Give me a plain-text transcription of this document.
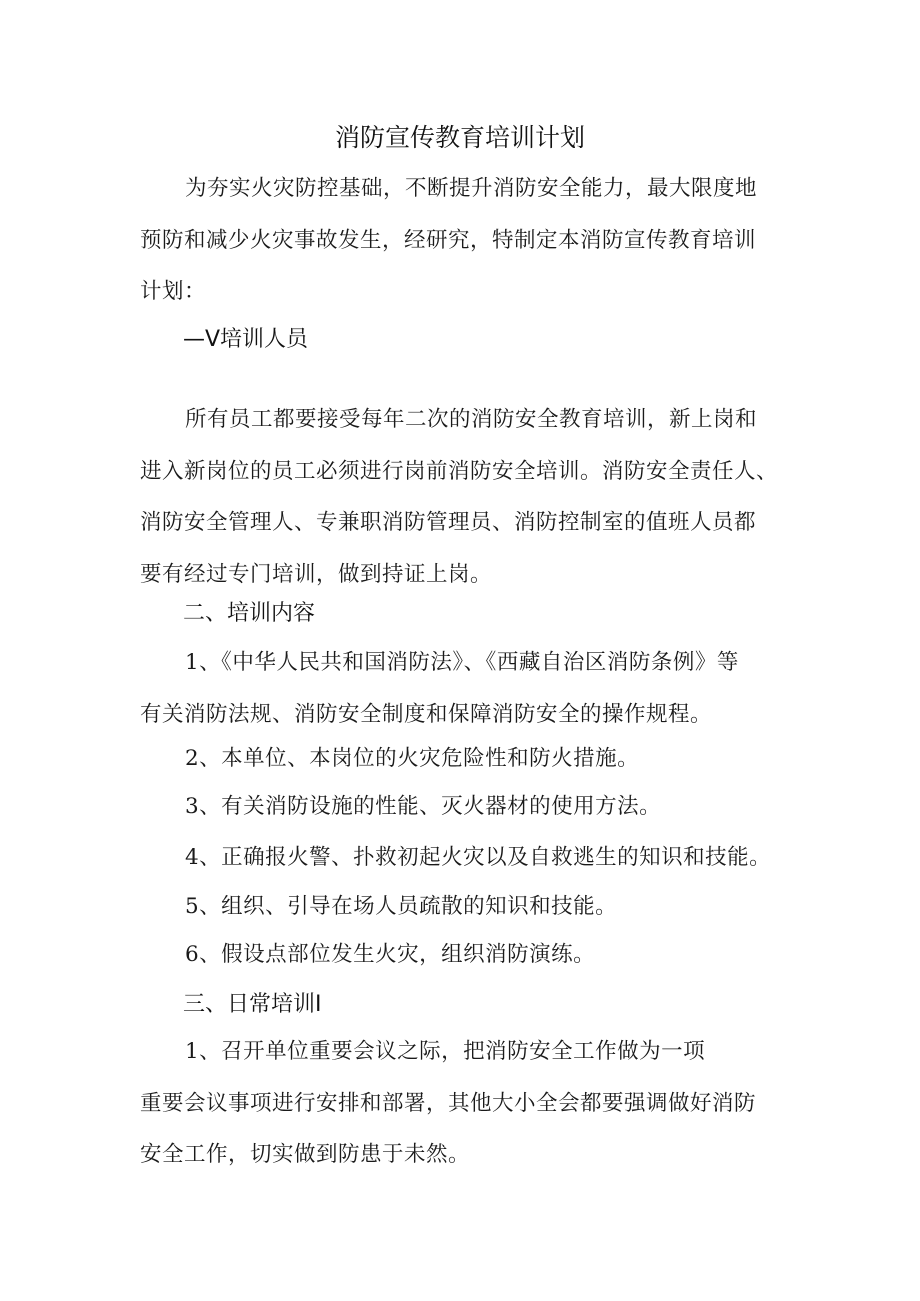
消防宣传教育培训计划
为夯实火灾防控基础，不断提升消防安全能力，最大限度地
预防和减少火灾事故发生，经研究，特制定本消防宣传教育培训
计划：
—V培训人员
所有员工都要接受每年二次的消防安全教育培训，新上岗和
进入新岗位的员工必须进行岗前消防安全培训。消防安全责任人、
消防安全管理人、专兼职消防管理员、消防控制室的值班人员都
要有经过专门培训，做到持证上岗。
二、培训内容
1、《中华人民共和国消防法》、《西藏自治区消防条例》等
有关消防法规、消防安全制度和保障消防安全的操作规程。
2、本单位、本岗位的火灾危险性和防火措施。
3、有关消防设施的性能、灭火器材的使用方法。
4、正确报火警、扑救初起火灾以及自救逃生的知识和技能。
5、组织、引导在场人员疏散的知识和技能。
6、假设点部位发生火灾，组织消防演练。
三、日常培训I
1、召开单位重要会议之际，把消防安全工作做为一项
重要会议事项进行安排和部署，其他大小全会都要强调做好消防
安全工作，切实做到防患于未然。
